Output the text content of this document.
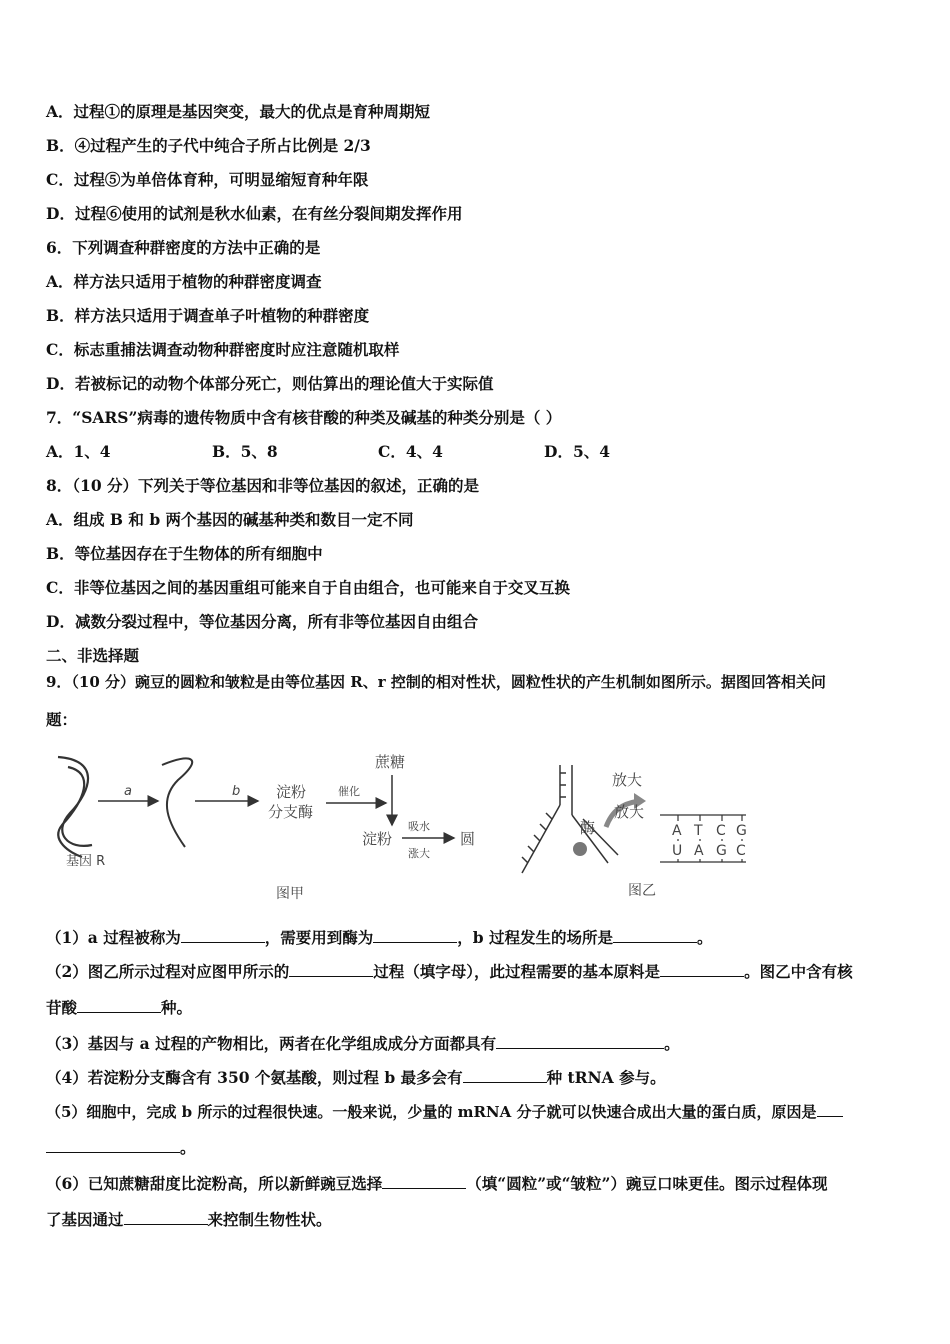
A．过程①的原理是基因突变，最大的优点是育种周期短
B．④过程产生的子代中纯合子所占比例是 2/3
C．过程⑤为单倍体育种，可明显缩短育种年限
D．过程⑥使用的试剂是秋水仙素，在有丝分裂间期发挥作用
6．下列调查种群密度的方法中正确的是
A．样方法只适用于植物的种群密度调查
B．样方法只适用于调查单子叶植物的种群密度
C．标志重捕法调查动物种群密度时应注意随机取样
D．若被标记的动物个体部分死亡，则估算出的理论值大于实际值
7．“SARS”病毒的遗传物质中含有核苷酸的种类及碱基的种类分别是（ ）
A．1、4	B．5、8	C．4、4	D．5、4
8．（10 分）下列关于等位基因和非等位基因的叙述，正确的是
A．组成 B 和 b 两个基因的碱基种类和数目一定不同
B．等位基因存在于生物体的所有细胞中
C．非等位基因之间的基因重组可能来自于自由组合，也可能来自于交叉互换
D．减数分裂过程中，等位基因分离，所有非等位基因自由组合
二、非选择题
9．（10 分）豌豆的圆粒和皱粒是由等位基因 R、r 控制的相对性状，圆粒性状的产生机制如图所示。据图回答相关问
题：
基因 R
a	b 淀粉
分支酶
催化
蔗糖
淀粉
吸水
涨大
圆
图甲
酶
放大
放大
A T C G
U A G C
图乙
（1）a 过程被称为	，需要用到酶为	，b 过程发生的场所是	。
（2）图乙所示过程对应图甲所示的	过程（填字母），此过程需要的基本原料是	。图乙中含有核
苷酸	种。
（3）基因与 a 过程的产物相比，两者在化学组成成分方面都具有	。
（4）若淀粉分支酶含有 350 个氨基酸，则过程 b 最多会有	种 tRNA 参与。
（5）细胞中，完成 b 所示的过程很快速。一般来说，少量的 mRNA 分子就可以快速合成出大量的蛋白质，原因是
。
（6）已知蔗糖甜度比淀粉高，所以新鲜豌豆选择	（填“圆粒”或“皱粒”）豌豆口味更佳。图示过程体现
了基因通过	来控制生物性状。
